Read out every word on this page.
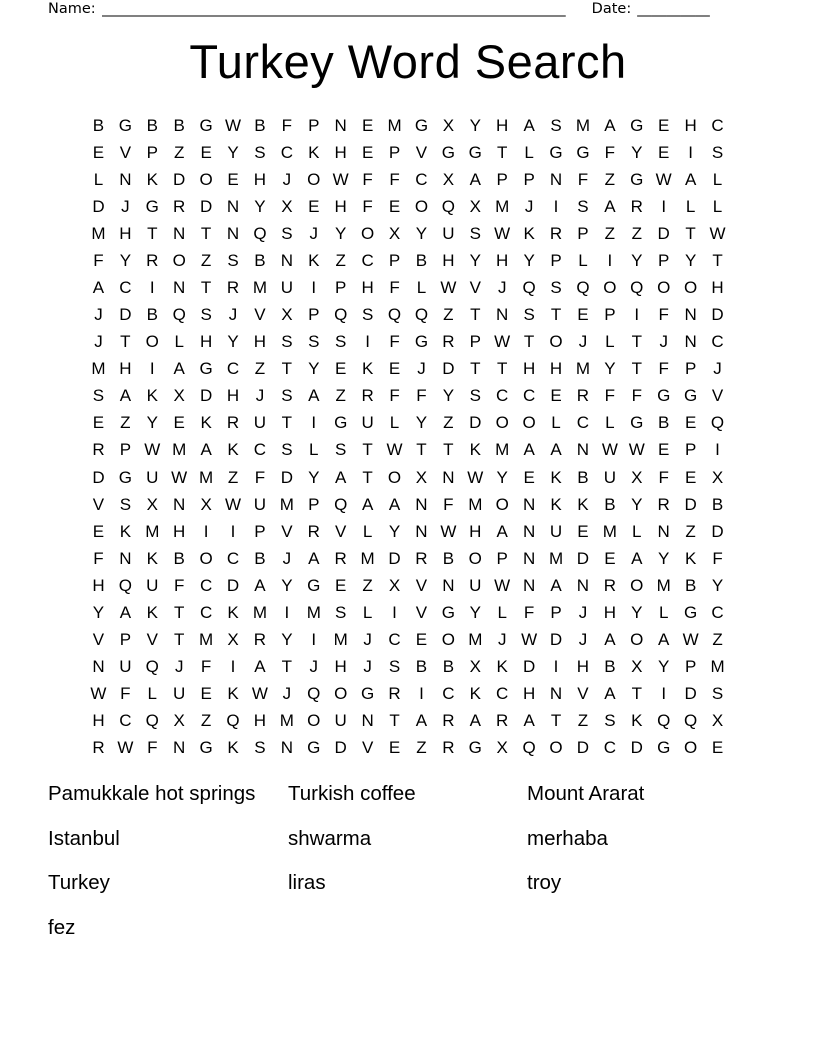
Name: ________________________________________________________________ Date: __________
Turkey Word Search
B G B B G W B F P N E M G X Y H A S M A G E H C
E V P Z E Y S C K H E P V G G T L G G F Y E	I	S
L N K D O E H J O W F F C X A P P N F Z G W A L
D J G R D N Y X E H F E O Q X M J	I	S A R	I	L	L
M H T N T N Q S	J Y O X Y U S W K R P Z Z D T W
F Y R O Z S B N K Z C P B H Y H Y P L	I	Y P Y T
A C	I	N T R M U	I	P H F L W V J Q S Q O Q O O H
J D B Q S	J V X P Q S Q Q Z T N S T E P	I	F N D
J	T O L H Y H S S S	I	F G R P W T O J	L T	J N C
M H	I	A G C Z T Y E K E J D T T H H M Y T F P	J
S A K X D H J	S A Z R F F Y S C C E R F F G G V
E Z Y E K R U T	I	G U L Y Z D O O L C L G B E Q
R P W M A K C S L S T W T T K M A A N W W E P	I
D G U W M Z F D Y A T O X N W Y E K B U X F E X
V S X N X W U M P Q A A N F M O N K K B Y R D B
E K M H	I	I	P V R V L Y N W H A N U E M L N Z D
F N K B O C B	J	A R M D R B O P N M D E A Y K F
H Q U F C D A Y G E Z X V N U W N A N R O M B Y
Y A K T C K M	I	M S L	I	V G Y L	F P J H Y L G C
V P V T M X R Y	I	M J C E O M J W D J	A O A W Z
N U Q J	F	I	A T	J H J	S B B X K D	I	H B X Y P M
W F L U E K W J Q O G R	I	C K C H N V A T	I	D S
H C Q X Z Q H M O U N T A R A R A T Z S K Q Q X
R W F N G K S N G D V E Z R G X Q O D C D G O E
Pamukkale hot springs
Istanbul
Turkey
fez
Turkish coffee
shwarma
liras
Mount Ararat
merhaba
troy
